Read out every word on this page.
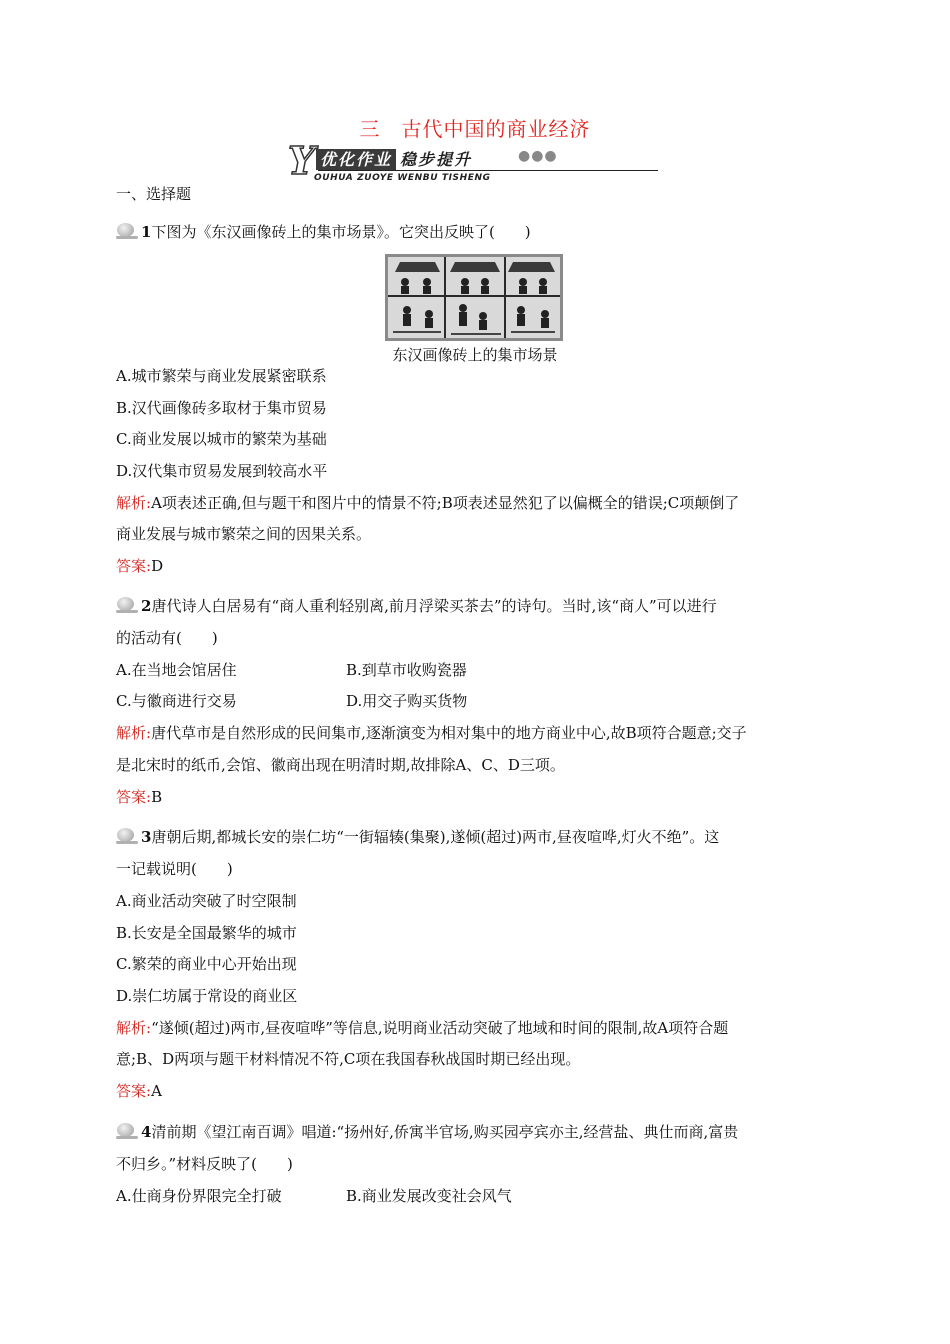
三　古代中国的商业经济
Y 优化作业 稳步提升	●●●
OUHUA ZUOYE WENBU TISHENG
一、选择题
1下图为《东汉画像砖上的集市场景》。它突出反映了(　　)
东汉画像砖上的集市场景
A.城市繁荣与商业发展紧密联系
B.汉代画像砖多取材于集市贸易
C.商业发展以城市的繁荣为基础
D.汉代集市贸易发展到较高水平
解析:A项表述正确,但与题干和图片中的情景不符;B项表述显然犯了以偏概全的错误;C项颠倒了
商业发展与城市繁荣之间的因果关系。
答案:D
2唐代诗人白居易有“商人重利轻别离,前月浮梁买茶去”的诗句。当时,该“商人”可以进行
的活动有(　　)
A.在当地会馆居住	B.到草市收购瓷器
C.与徽商进行交易	D.用交子购买货物
解析:唐代草市是自然形成的民间集市,逐渐演变为相对集中的地方商业中心,故B项符合题意;交子
是北宋时的纸币,会馆、徽商出现在明清时期,故排除A、C、D三项。
答案:B
3唐朝后期,都城长安的崇仁坊“一街辐辏(集聚),遂倾(超过)两市,昼夜喧哗,灯火不绝”。这
一记载说明(　　)
A.商业活动突破了时空限制
B.长安是全国最繁华的城市
C.繁荣的商业中心开始出现
D.崇仁坊属于常设的商业区
解析:“遂倾(超过)两市,昼夜喧哗”等信息,说明商业活动突破了地域和时间的限制,故A项符合题
意;B、D两项与题干材料情况不符,C项在我国春秋战国时期已经出现。
答案:A
4清前期《望江南百调》唱道:“扬州好,侨寓半官场,购买园亭宾亦主,经营盐、典仕而商,富贵
不归乡。”材料反映了(　　)
A.仕商身份界限完全打破	B.商业发展改变社会风气
